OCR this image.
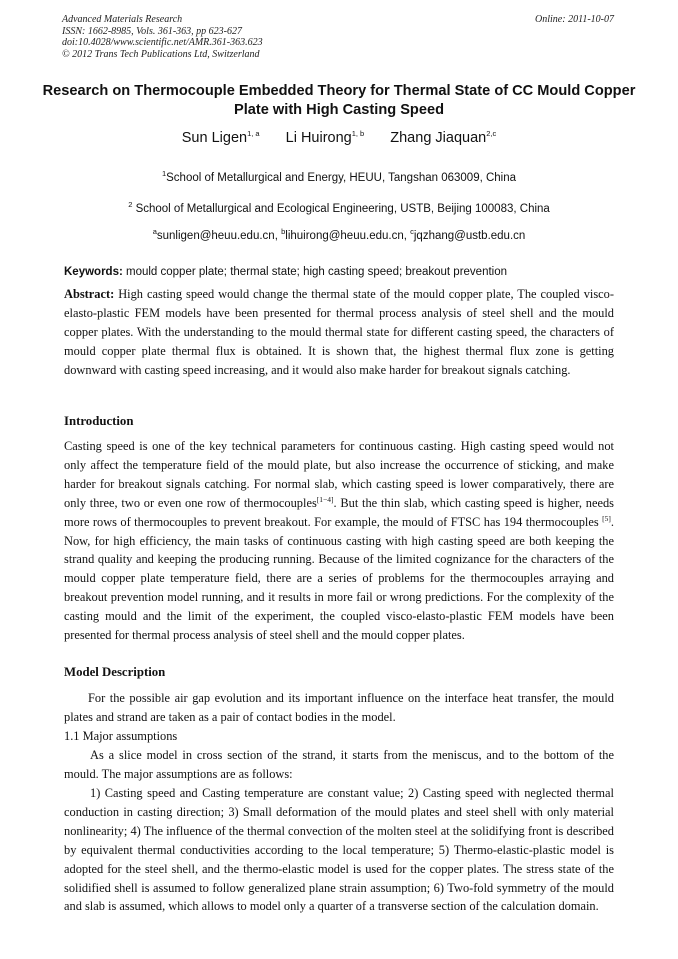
Advanced Materials Research
ISSN: 1662-8985, Vols. 361-363, pp 623-627
doi:10.4028/www.scientific.net/AMR.361-363.623
© 2012 Trans Tech Publications Ltd, Switzerland
Online: 2011-10-07
Research on Thermocouple Embedded Theory for Thermal State of CC Mould Copper Plate with High Casting Speed
Sun Ligen$^{1, a}$ Li Huirong$^{1, b}$ Zhang Jiaquan$^{2,c}$
$^1$School of Metallurgical and Energy, HEUU, Tangshan 063009, China
$^2$ School of Metallurgical and Ecological Engineering, USTB, Beijing 100083, China
$^a$sunligen@heuu.edu.cn, $^b$lihuirong@heuu.edu.cn, $^c$jqzhang@ustb.edu.cn
Keywords: mould copper plate; thermal state; high casting speed; breakout prevention
Abstract: High casting speed would change the thermal state of the mould copper plate, The coupled visco-elasto-plastic FEM models have been presented for thermal process analysis of steel shell and the mould copper plates. With the understanding to the mould thermal state for different casting speed, the characters of mould copper plate thermal flux is obtained. It is shown that, the highest thermal flux zone is getting downward with casting speed increasing, and it would also make harder for breakout signals catching.
Introduction
Casting speed is one of the key technical parameters for continuous casting. High casting speed would not only affect the temperature field of the mould plate, but also increase the occurrence of sticking, and make harder for breakout signals catching. For normal slab, which casting speed is lower comparatively, there are only three, two or even one row of thermocouples[1−4]. But the thin slab, which casting speed is higher, needs more rows of thermocouples to prevent breakout. For example, the mould of FTSC has 194 thermocouples [5]. Now, for high efficiency, the main tasks of continuous casting with high casting speed are both keeping the strand quality and keeping the producing running. Because of the limited cognizance for the characters of the mould copper plate temperature field, there are a series of problems for the thermocouples arraying and breakout prevention model running, and it results in more fail or wrong predictions. For the complexity of the casting mould and the limit of the experiment, the coupled visco-elasto-plastic FEM models have been presented for thermal process analysis of steel shell and the mould copper plates.
Model Description
For the possible air gap evolution and its important influence on the interface heat transfer, the mould plates and strand are taken as a pair of contact bodies in the model.
1.1 Major assumptions
As a slice model in cross section of the strand, it starts from the meniscus, and to the bottom of the mould. The major assumptions are as follows:
1) Casting speed and Casting temperature are constant value; 2) Casting speed with neglected thermal conduction in casting direction; 3) Small deformation of the mould plates and steel shell with only material nonlinearity; 4) The influence of the thermal convection of the molten steel at the solidifying front is described by equivalent thermal conductivities according to the local temperature; 5) Thermo-elastic-plastic model is adopted for the steel shell, and the thermo-elastic model is used for the copper plates. The stress state of the solidified shell is assumed to follow generalized plane strain assumption; 6) Two-fold symmetry of the mould and slab is assumed, which allows to model only a quarter of a transverse section of the calculation domain.
